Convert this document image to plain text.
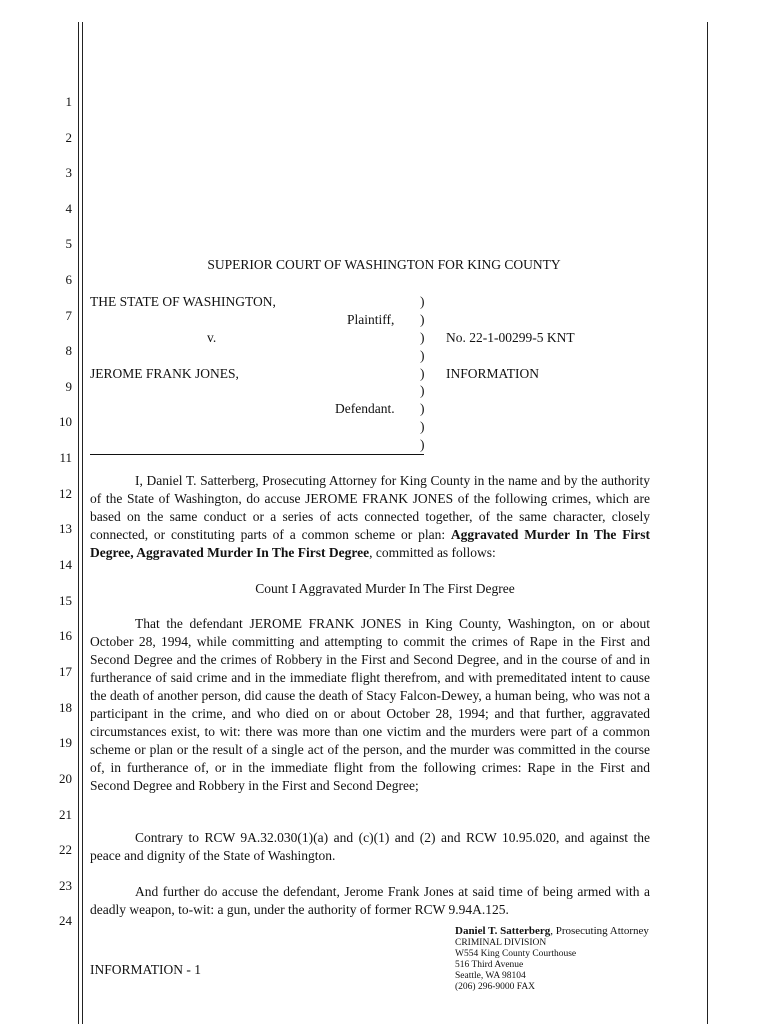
1
2
3
4
5
6
7
8
9
10
11
12
13
14
15
16
17
18
19
20
21
22
23
24
SUPERIOR COURT OF WASHINGTON FOR KING COUNTY
THE STATE OF WASHINGTON,
Plaintiff,
v.
JEROME FRANK JONES,
Defendant.
)
)
)
)
)
)
)
)
)
No. 22-1-00299-5 KNT
INFORMATION

I, Daniel T. Satterberg, Prosecuting Attorney for King County in the name and by the authority of the State of Washington, do accuse JEROME FRANK JONES of the following crimes, which are based on the same conduct or a series of acts connected together, of the same character, closely connected, or constituting parts of a common scheme or plan: Aggravated Murder In The First Degree, Aggravated Murder In The First Degree, committed as follows:

Count I Aggravated Murder In The First Degree

That the defendant JEROME FRANK JONES in King County, Washington, on or about October 28, 1994, while committing and attempting to commit the crimes of Rape in the First and Second Degree and the crimes of Robbery in the First and Second Degree, and in the course of and in furtherance of said crime and in the immediate flight therefrom, and with premeditated intent to cause the death of another person, did cause the death of Stacy Falcon-Dewey, a human being, who was not a participant in the crime, and who died on or about October 28, 1994; and that further, aggravated circumstances exist, to wit: there was more than one victim and the murders were part of a common scheme or plan or the result of a single act of the person, and the murder was committed in the course of, in furtherance of, or in the immediate flight from the following crimes: Rape in the First and Second Degree and Robbery in the First and Second Degree;

Contrary to RCW 9A.32.030(1)(a) and (c)(1) and (2) and RCW 10.95.020, and against the peace and dignity of the State of Washington.

And further do accuse the defendant, Jerome Frank Jones at said time of being armed with a deadly weapon, to-wit: a gun, under the authority of former RCW 9.94A.125.

INFORMATION - 1
Daniel T. Satterberg, Prosecuting Attorney
CRIMINAL DIVISION
W554 King County Courthouse
516 Third Avenue
Seattle, WA 98104
(206) 296-9000 FAX
